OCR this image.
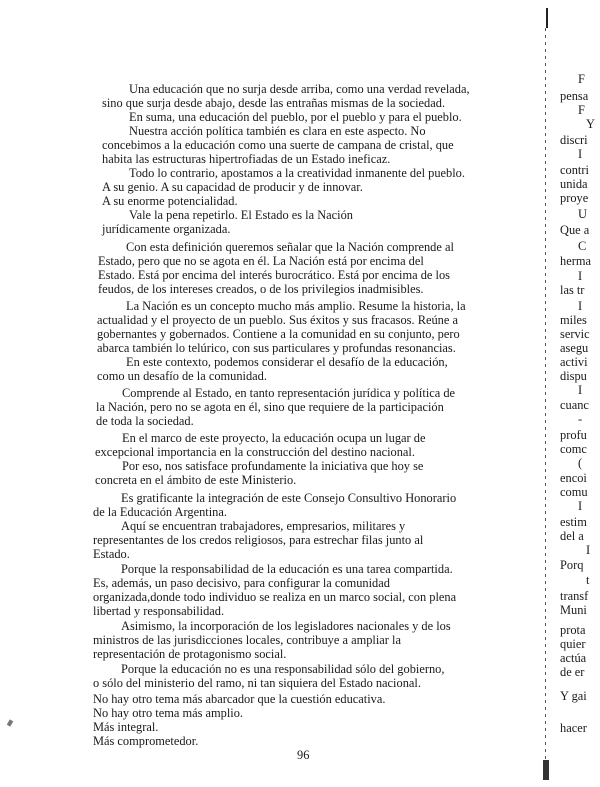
Una educación que no surja desde arriba, como una verdad revelada,
sino que surja desde abajo, desde las entrañas mismas de la sociedad.
En suma, una educación del pueblo, por el pueblo y para el pueblo.
Nuestra acción política también es clara en este aspecto. No
concebimos a la educación como una suerte de campana de cristal, que
habita las estructuras hipertrofiadas de un Estado ineficaz.
Todo lo contrario, apostamos a la creatividad inmanente del pueblo.
A su genio. A su capacidad de producir y de innovar.
A su enorme potencialidad.
Vale la pena repetirlo. El Estado es la Nación
jurídicamente organizada.
Con esta definición queremos señalar que la Nación comprende al
Estado, pero que no se agota en él. La Nación está por encima del
Estado. Está por encima del interés burocrático. Está por encima de los
feudos, de los intereses creados, o de los privilegios inadmisibles.
La Nación es un concepto mucho más amplio. Resume la historia, la
actualidad y el proyecto de un pueblo. Sus éxitos y sus fracasos. Reúne a
gobernantes y gobernados. Contiene a la comunidad en su conjunto, pero
abarca también lo telúrico, con sus particulares y profundas resonancias.
En este contexto, podemos considerar el desafío de la educación,
como un desafío de la comunidad.
Comprende al Estado, en tanto representación jurídica y política de
la Nación, pero no se agota en él, sino que requiere de la participación
de toda la sociedad.
En el marco de este proyecto, la educación ocupa un lugar de
excepcional importancia en la construcción del destino nacional.
Por eso, nos satisface profundamente la iniciativa que hoy se
concreta en el ámbito de este Ministerio.
Es gratificante la integración de este Consejo Consultivo Honorario
de la Educación Argentina.
Aquí se encuentran trabajadores, empresarios, militares y
representantes de los credos religiosos, para estrechar filas junto al
Estado.
Porque la responsabilidad de la educación es una tarea compartida.
Es, además, un paso decisivo, para configurar la comunidad
organizada,donde todo individuo se realiza en un marco social, con plena
libertad y responsabilidad.
Asimismo, la incorporación de los legisladores nacionales y de los
ministros de las jurisdicciones locales, contribuye a ampliar la
representación de protagonismo social.
Porque la educación no es una responsabilidad sólo del gobierno,
o sólo del ministerio del ramo, ni tan siquiera del Estado nacional.
No hay otro tema más abarcador que la cuestión educativa.
No hay otro tema más amplio.
Más integral.
Más comprometedor.
96
F
pensa
F
Y
discri
I
contri
unida
proye
U
Que a
C
herma
I
las tr
I
miles
servic
asegu
activi
dispu
I
cuanc
-
profu
comc
(
encoi
comu
I
estim
del a
I
Porq
t
transf
Muni
prota
quier
actúa
de er
Y gai
hacer
